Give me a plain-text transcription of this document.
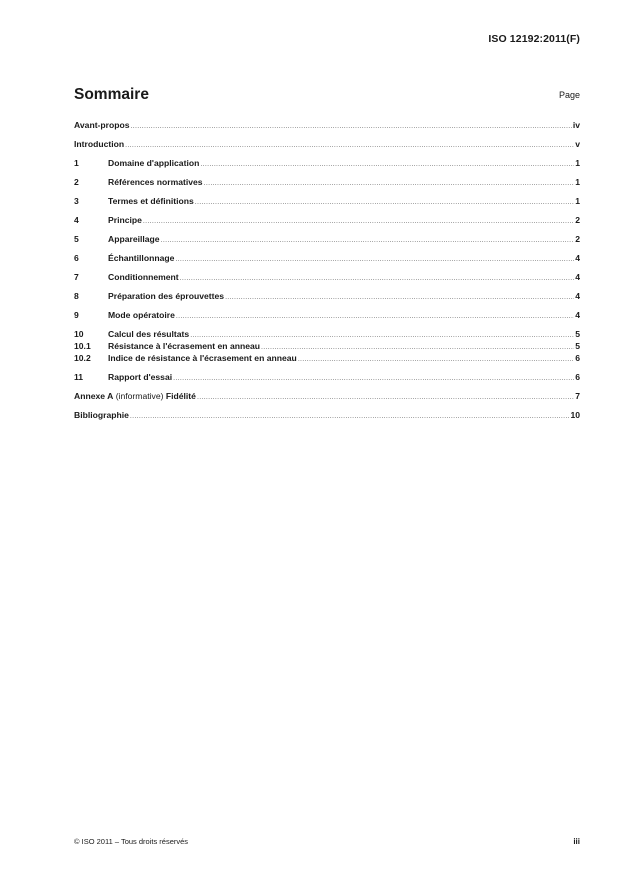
ISO 12192:2011(F)
Sommaire	Page
Avant-propos .....	iv
Introduction .....	v
1	Domaine d'application .....	1
2	Références normatives .....	1
3	Termes et définitions .....	1
4	Principe .....	2
5	Appareillage .....	2
6	Échantillonnage .....	4
7	Conditionnement .....	4
8	Préparation des éprouvettes .....	4
9	Mode opératoire .....	4
10	Calcul des résultats .....	5
10.1	Résistance à l'écrasement en anneau .....	5
10.2	Indice de résistance à l'écrasement en anneau .....	6
11	Rapport d'essai .....	6
Annexe A (informative) Fidélité .....	7
Bibliographie .....	10
© ISO 2011 – Tous droits réservés	iii
